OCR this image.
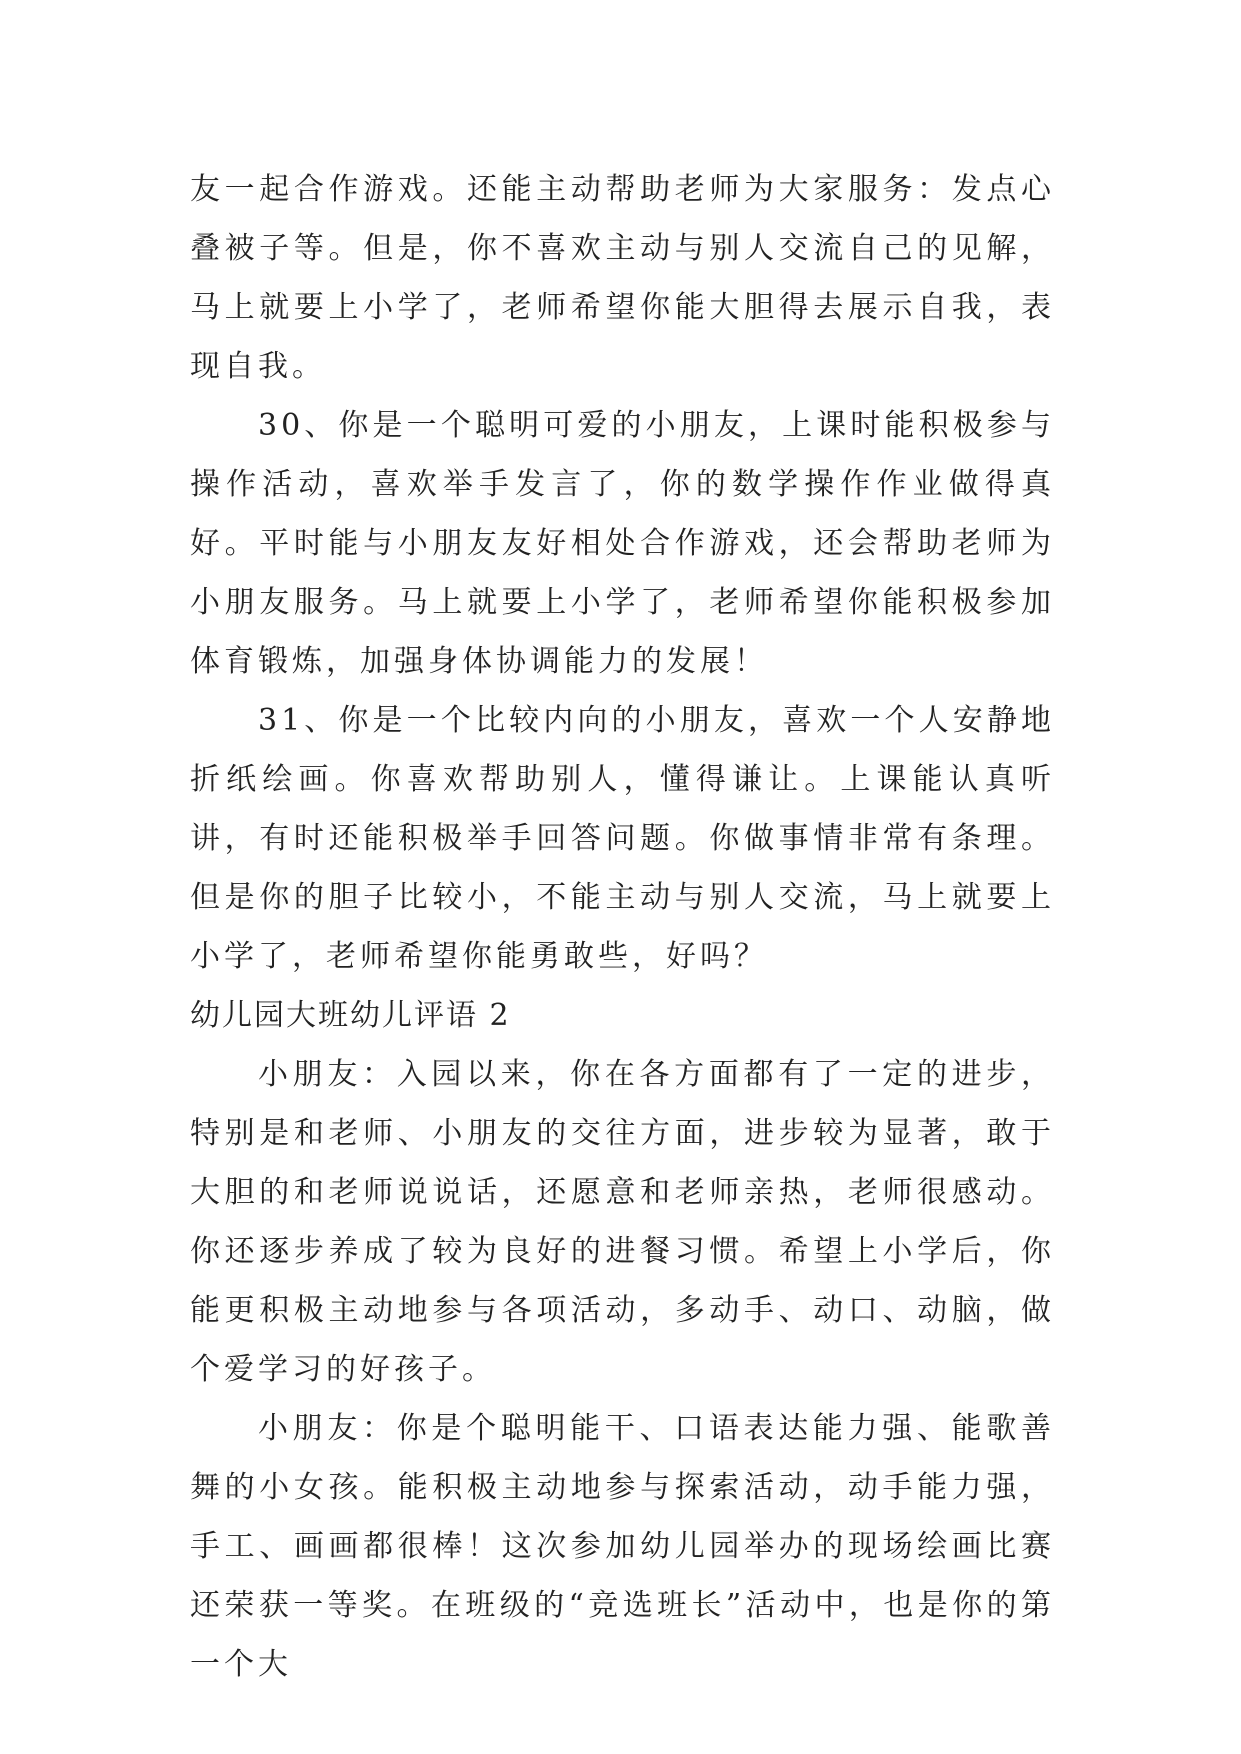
友一起合作游戏。还能主动帮助老师为大家服务：发点心叠被子等。但是，你不喜欢主动与别人交流自己的见解，马上就要上小学了，老师希望你能大胆得去展示自我，表现自我。

30、你是一个聪明可爱的小朋友，上课时能积极参与操作活动，喜欢举手发言了，你的数学操作作业做得真好。平时能与小朋友友好相处合作游戏，还会帮助老师为小朋友服务。马上就要上小学了，老师希望你能积极参加体育锻炼，加强身体协调能力的发展！

31、你是一个比较内向的小朋友，喜欢一个人安静地折纸绘画。你喜欢帮助别人，懂得谦让。上课能认真听讲，有时还能积极举手回答问题。你做事情非常有条理。但是你的胆子比较小，不能主动与别人交流，马上就要上小学了，老师希望你能勇敢些，好吗？

幼儿园大班幼儿评语 2

小朋友：入园以来，你在各方面都有了一定的进步，特别是和老师、小朋友的交往方面，进步较为显著，敢于大胆的和老师说说话，还愿意和老师亲热，老师很感动。你还逐步养成了较为良好的进餐习惯。希望上小学后，你能更积极主动地参与各项活动，多动手、动口、动脑，做个爱学习的好孩子。

小朋友：你是个聪明能干、口语表达能力强、能歌善舞的小女孩。能积极主动地参与探索活动，动手能力强，手工、画画都很棒！这次参加幼儿园举办的现场绘画比赛还荣获一等奖。在班级的“竞选班长”活动中，也是你的第一个大
